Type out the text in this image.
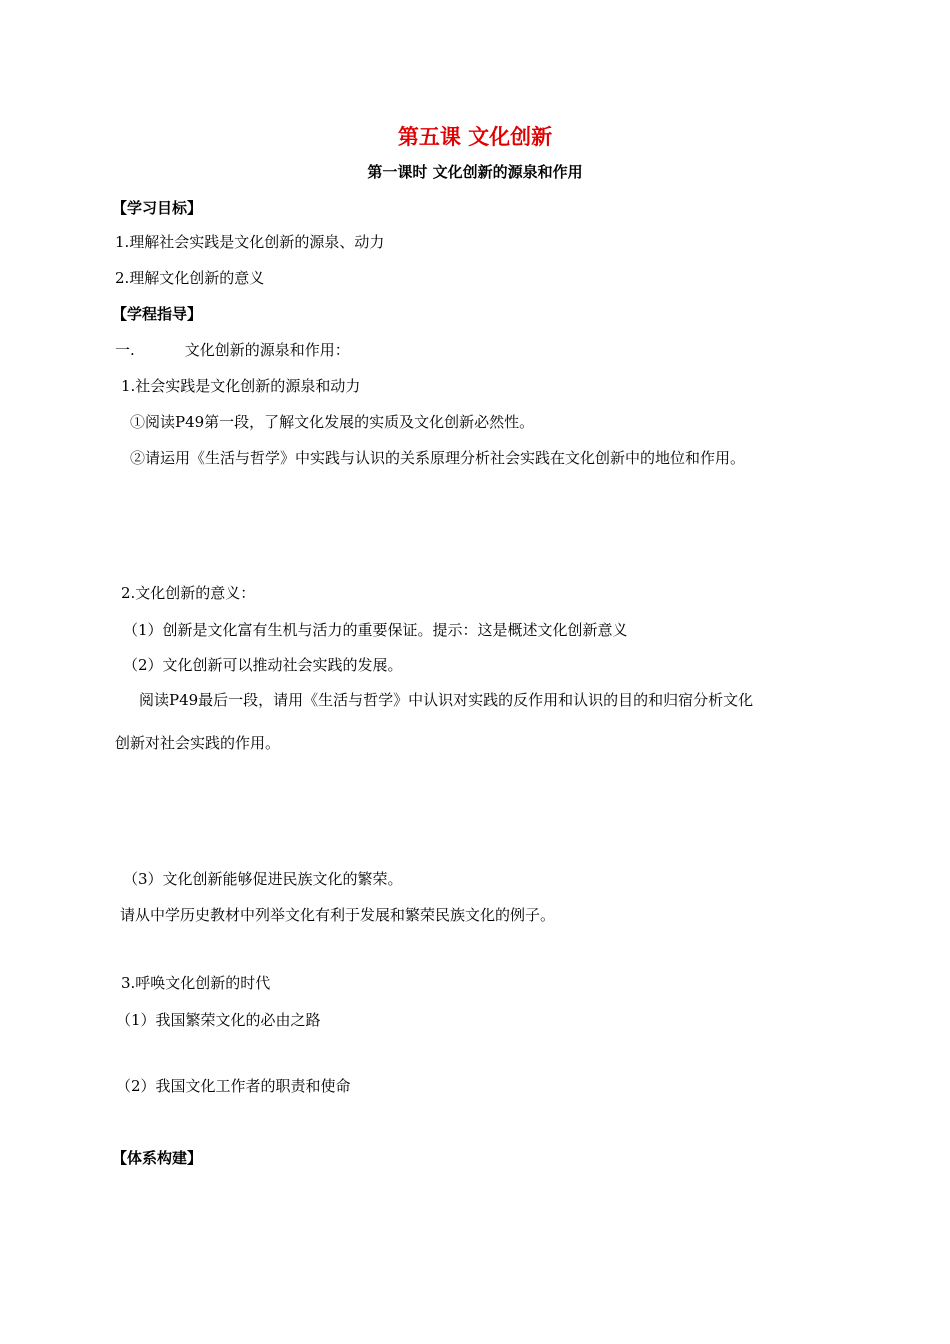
第五课 文化创新
第一课时 文化创新的源泉和作用
【学习目标】
1.理解社会实践是文化创新的源泉、动力
2.理解文化创新的意义
【学程指导】
一.	文化创新的源泉和作用：
1.社会实践是文化创新的源泉和动力
①阅读P49第一段，了解文化发展的实质及文化创新必然性。
②请运用《生活与哲学》中实践与认识的关系原理分析社会实践在文化创新中的地位和作用。
2.文化创新的意义：
（1）创新是文化富有生机与活力的重要保证。提示：这是概述文化创新意义
（2）文化创新可以推动社会实践的发展。
阅读P49最后一段，请用《生活与哲学》中认识对实践的反作用和认识的目的和归宿分析文化
创新对社会实践的作用。
（3）文化创新能够促进民族文化的繁荣。
请从中学历史教材中列举文化有利于发展和繁荣民族文化的例子。
3.呼唤文化创新的时代
（1）我国繁荣文化的必由之路
（2）我国文化工作者的职责和使命
【体系构建】
